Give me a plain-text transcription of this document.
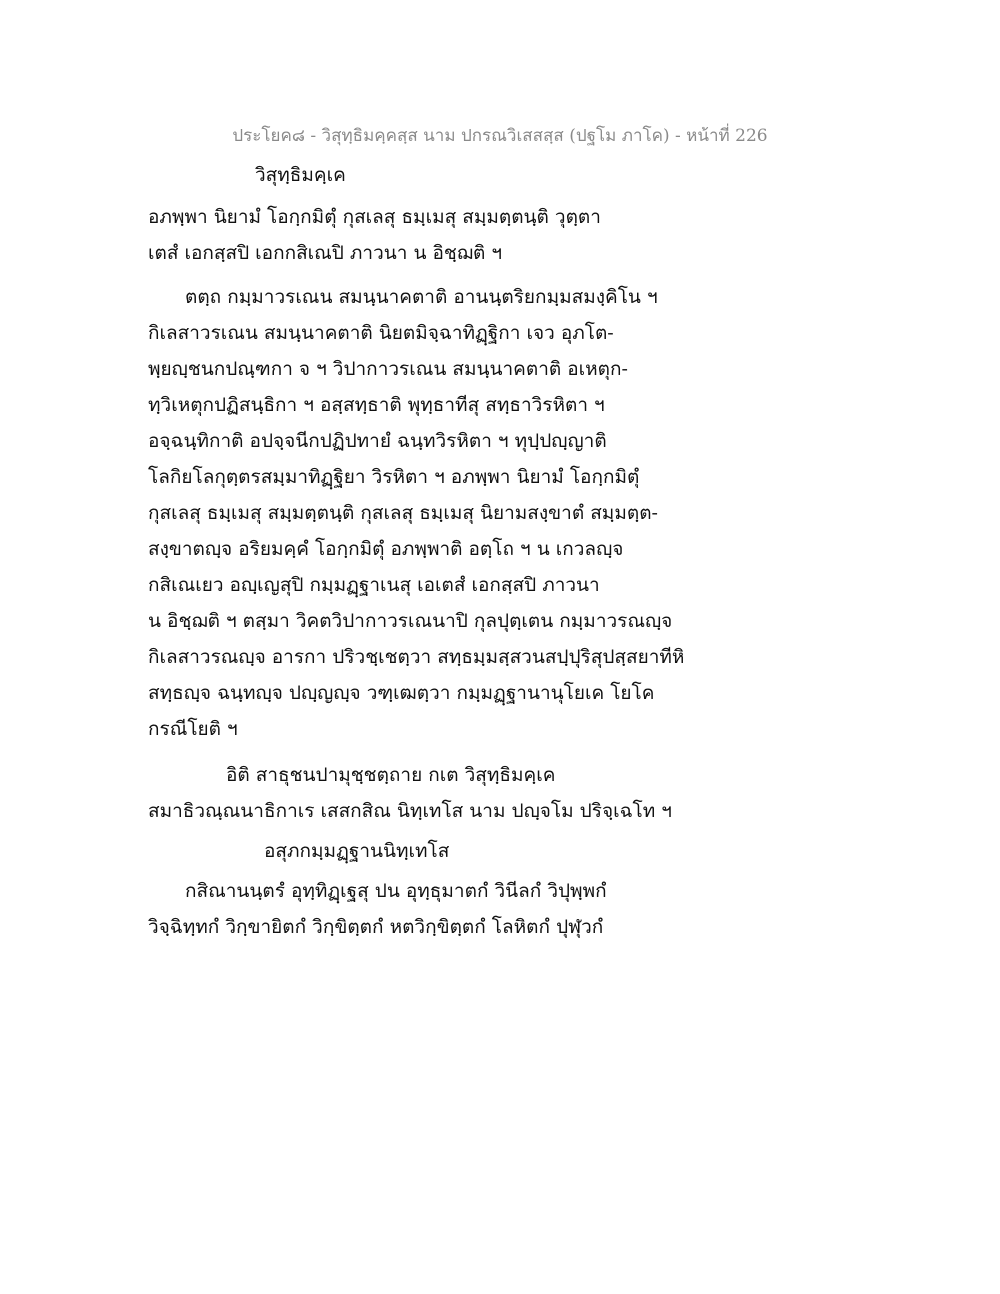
ประโยค๘ - วิสุทฺธิมคฺคสฺส นาม ปกรณวิเสสสฺส (ปฐโม ภาโค) - หน้าที่ 226
วิสุทฺธิมคฺเค
อภพฺพา นิยามํ โอกฺกมิตุํ กุสเลสุ ธมฺเมสุ สมฺมตฺตนฺติ วุตฺตา
เตสํ เอกสฺสปิ เอกกสิเณปิ ภาวนา น อิชฺฌติ ฯ
ตตฺถ กมฺมาวรเณน สมนฺนาคตาติ อานนฺตริยกมฺมสมงฺคิโน ฯ
กิเลสาวรเณน สมนฺนาคตาติ นิยตมิจฺฉาทิฏฺฐิกา เจว อุภโต-
พฺยญฺชนกปณฺฑกา จ ฯ วิปากาวรเณน สมนฺนาคตาติ อเหตุก-
ทฺวิเหตุกปฏิสนฺธิกา ฯ อสฺสทฺธาติ พุทฺธาทีสุ สทฺธาวิรหิตา ฯ
อจฺฉนฺทิกาติ อปจฺจนีกปฏิปทายํ ฉนฺทวิรหิตา ฯ ทุปฺปญฺญาติ
โลกิยโลกุตฺตรสมฺมาทิฏฺฐิยา วิรหิตา ฯ อภพฺพา นิยามํ โอกฺกมิตุํ
กุสเลสุ ธมฺเมสุ สมฺมตฺตนฺติ กุสเลสุ ธมฺเมสุ นิยามสงฺขาตํ สมฺมตฺต-
สงฺขาตญฺจ อริยมคฺคํ โอกฺกมิตุํ อภพฺพาติ อตฺโถ ฯ น เกวลญฺจ
กสิเณเยว อญฺเญสุปิ กมฺมฏฺฐาเนสุ เอเตสํ เอกสฺสปิ ภาวนา
น อิชฺฌติ ฯ ตสฺมา วิคตวิปากาวรเณนาปิ กุลปุตฺเตน กมฺมาวรณญฺจ
กิเลสาวรณญฺจ อารกา ปริวชฺเชตฺวา สทฺธมฺมสฺสวนสปฺปุริสุปสฺสยาทีหิ
สทฺธญฺจ ฉนฺทญฺจ ปญฺญญฺจ วฑฺเฒตฺวา กมฺมฏฺฐานานุโยเค โยโค
กรณีโยติ ฯ
อิติ สาธุชนปามุชฺชตฺถาย กเต วิสุทฺธิมคฺเค
สมาธิวณฺณนาธิกาเร เสสกสิณ นิทฺเทโส นาม ปญฺจโม ปริจฺเฉโท ฯ
อสุภกมฺมฏฺฐานนิทฺเทโส
กสิณานนฺตรํ อุทฺทิฏฺเฐสุ ปน อุทฺธุมาตกํ วินีลกํ วิปุพฺพกํ
วิจฺฉิทฺทกํ วิกฺขายิตกํ วิกฺขิตฺตกํ หตวิกฺขิตฺตกํ โลหิตกํ ปุฬุวกํ
